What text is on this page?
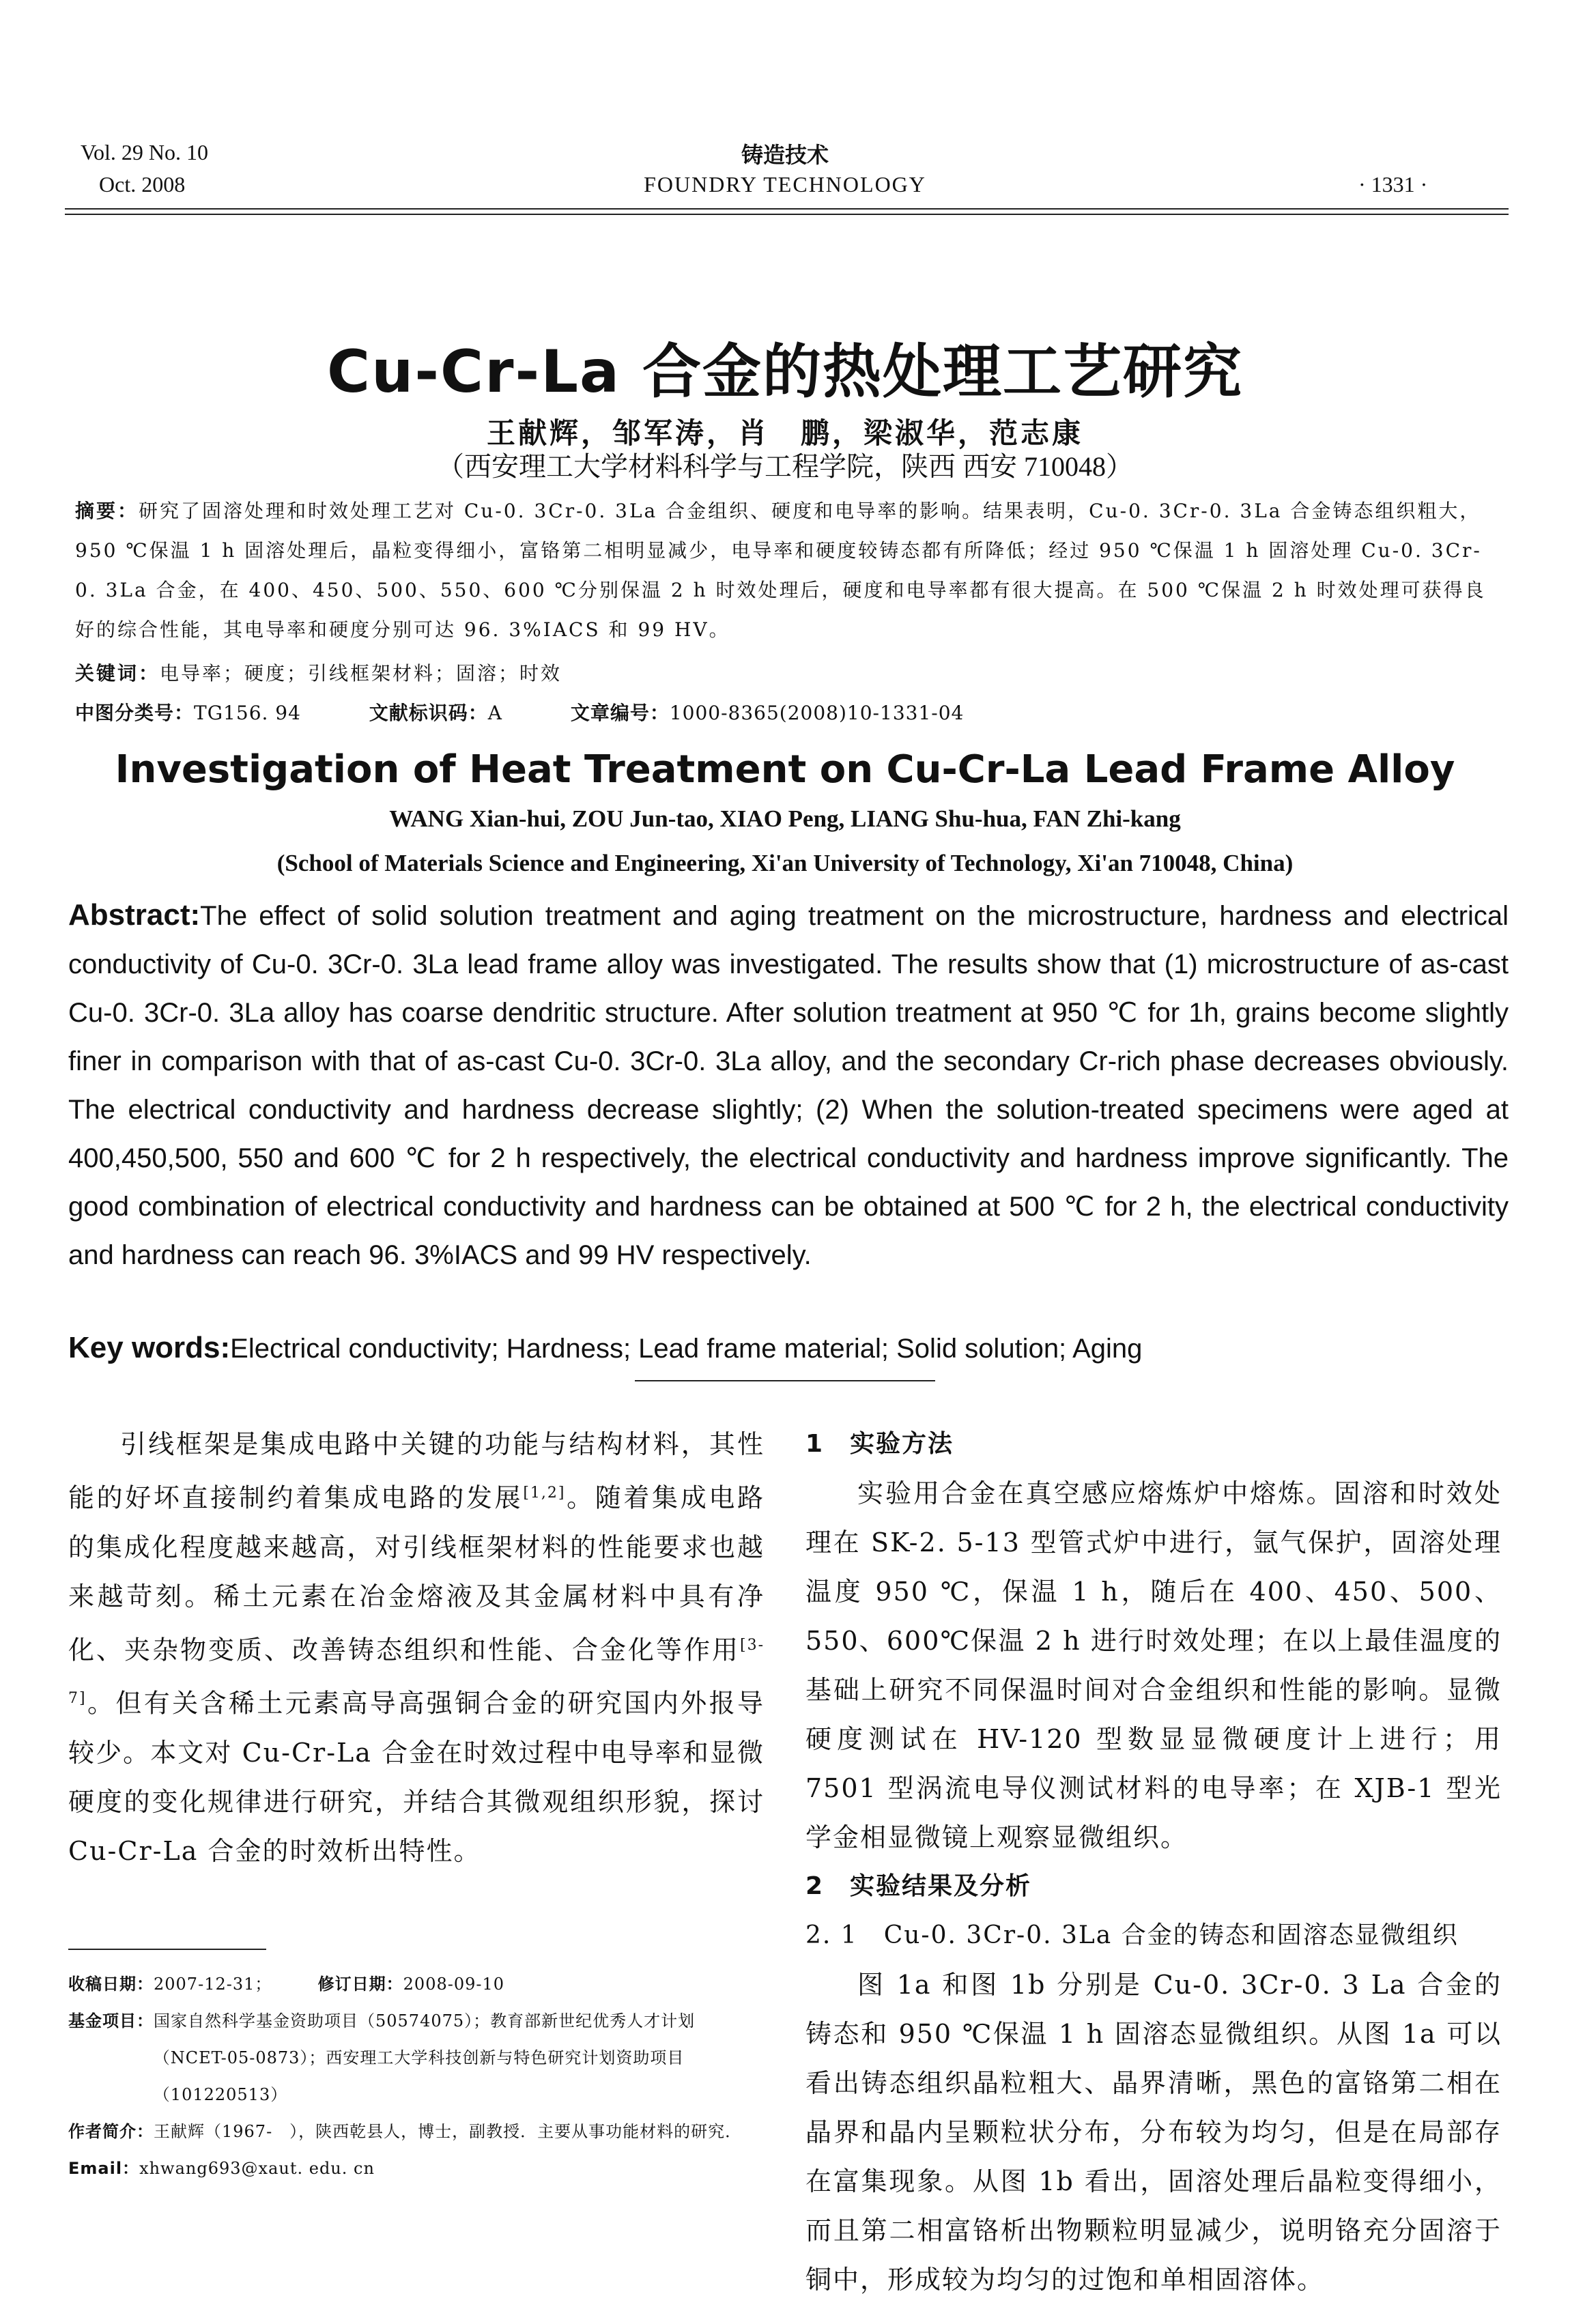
Vol. 29 No. 10
Oct. 2008
铸造技术
FOUNDRY TECHNOLOGY	· 1331 ·
Cu-Cr-La 合金的热处理工艺研究
王献辉，邹军涛，肖　鹏，梁淑华，范志康
（西安理工大学材料科学与工程学院，陕西 西安 710048）
摘要：研究了固溶处理和时效处理工艺对 Cu-0. 3Cr-0. 3La 合金组织、硬度和电导率的影响。结果表明，Cu-0. 3Cr-0. 3La 合金铸态组织粗大，950 ℃保温 1 h 固溶处理后，晶粒变得细小，富铬第二相明显减少，电导率和硬度较铸态都有所降低；经过 950 ℃保温 1 h 固溶处理 Cu-0. 3Cr-0. 3La 合金，在 400、450、500、550、600 ℃分别保温 2 h 时效处理后，硬度和电导率都有很大提高。在 500 ℃保温 2 h 时效处理可获得良好的综合性能，其电导率和硬度分别可达 96. 3%IACS 和 99 HV。
关键词：电导率；硬度；引线框架材料；固溶；时效
中图分类号：TG156. 94	文献标识码：A	文章编号：1000-8365(2008)10-1331-04
Investigation of Heat Treatment on Cu-Cr-La Lead Frame Alloy
WANG Xian-hui, ZOU Jun-tao, XIAO Peng, LIANG Shu-hua, FAN Zhi-kang
(School of Materials Science and Engineering, Xi'an University of Technology, Xi'an 710048, China)
Abstract:The effect of solid solution treatment and aging treatment on the microstructure, hardness and electrical conductivity of Cu-0. 3Cr-0. 3La lead frame alloy was investigated. The results show that (1) microstructure of as-cast Cu-0. 3Cr-0. 3La alloy has coarse dendritic structure. After solution treatment at 950 ℃ for 1h, grains become slightly finer in comparison with that of as-cast Cu-0. 3Cr-0. 3La alloy, and the secondary Cr-rich phase decreases obviously. The electrical conductivity and hardness decrease slightly; (2) When the solution-treated specimens were aged at 400,450,500, 550 and 600 ℃ for 2 h respectively, the electrical conductivity and hardness improve significantly. The good combination of electrical conductivity and hardness can be obtained at 500 ℃ for 2 h, the electrical conductivity and hardness can reach 96. 3%IACS and 99 HV respectively.
Key words:Electrical conductivity; Hardness; Lead frame material; Solid solution; Aging
引线框架是集成电路中关键的功能与结构材料，其性能的好坏直接制约着集成电路的发展[1,2]。随着集成电路的集成化程度越来越高，对引线框架材料的性能要求也越来越苛刻。稀土元素在冶金熔液及其金属材料中具有净化、夹杂物变质、改善铸态组织和性能、合金化等作用[3-7]。但有关含稀土元素高导高强铜合金的研究国内外报导较少。本文对 Cu-Cr-La 合金在时效过程中电导率和显微硬度的变化规律进行研究，并结合其微观组织形貌，探讨 Cu-Cr-La 合金的时效析出特性。
收稿日期：2007-12-31；	修订日期：2008-09-10
基金项目：国家自然科学基金资助项目（50574075）；教育部新世纪优秀人才计划（NCET-05-0873）；西安理工大学科技创新与特色研究计划资助项目（101220513）
作者简介：王献辉（1967-　），陕西乾县人，博士，副教授．主要从事功能材料的研究．
Email：xhwang693@xaut. edu. cn

1　实验方法

实验用合金在真空感应熔炼炉中熔炼。固溶和时效处理在 SK-2. 5-13 型管式炉中进行，氩气保护，固溶处理温度 950 ℃，保温 1 h，随后在 400、450、500、550、600℃保温 2 h 进行时效处理；在以上最佳温度的基础上研究不同保温时间对合金组织和性能的影响。显微硬度测试在 HV-120 型数显显微硬度计上进行；用 7501 型涡流电导仪测试材料的电导率；在 XJB-1 型光学金相显微镜上观察显微组织。

2　实验结果及分析

2. 1　Cu-0. 3Cr-0. 3La 合金的铸态和固溶态显微组织

图 1a 和图 1b 分别是 Cu-0. 3Cr-0. 3 La 合金的铸态和 950 ℃保温 1 h 固溶态显微组织。从图 1a 可以看出铸态组织晶粒粗大、晶界清晰，黑色的富铬第二相在晶界和晶内呈颗粒状分布，分布较为均匀，但是在局部存在富集现象。从图 1b 看出，固溶处理后晶粒变得细小，而且第二相富铬析出物颗粒明显减少，说明铬充分固溶于铜中，形成较为均匀的过饱和单相固溶体。
